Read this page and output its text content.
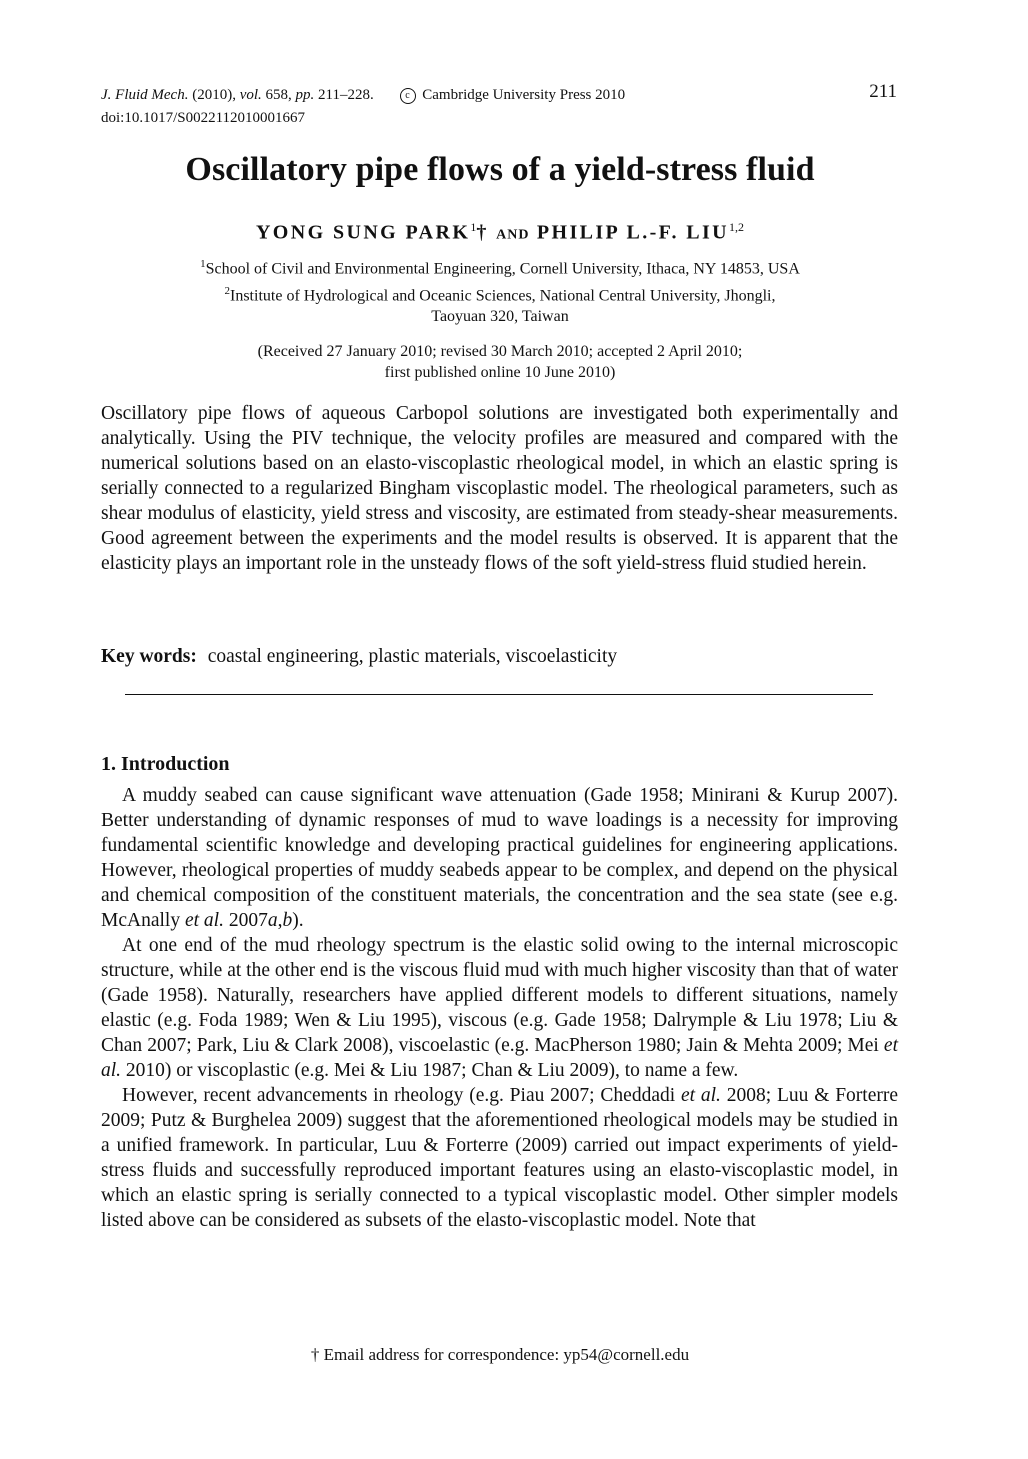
J. Fluid Mech. (2010), vol. 658, pp. 211–228.	c Cambridge University Press 2010
doi:10.1017/S0022112010001667
211
Oscillatory pipe flows of a yield-stress fluid
YONG SUNG PARK$^1$† AND PHILIP L.-F. LIU$^{1,2}$
$^1$School of Civil and Environmental Engineering, Cornell University, Ithaca, NY 14853, USA
$^2$Institute of Hydrological and Oceanic Sciences, National Central University, Jhongli,
Taoyuan 320, Taiwan
(Received 27 January 2010; revised 30 March 2010; accepted 2 April 2010;
first published online 10 June 2010)
Oscillatory pipe flows of aqueous Carbopol solutions are investigated both experimentally and analytically. Using the PIV technique, the velocity profiles are measured and compared with the numerical solutions based on an elasto-viscoplastic rheological model, in which an elastic spring is serially connected to a regularized Bingham viscoplastic model. The rheological parameters, such as shear modulus of elasticity, yield stress and viscosity, are estimated from steady-shear measurements. Good agreement between the experiments and the model results is observed. It is apparent that the elasticity plays an important role in the unsteady flows of the soft yield-stress fluid studied herein.
Key words: coastal engineering, plastic materials, viscoelasticity
1. Introduction

A muddy seabed can cause significant wave attenuation (Gade 1958; Minirani & Kurup 2007). Better understanding of dynamic responses of mud to wave loadings is a necessity for improving fundamental scientific knowledge and developing practical guidelines for engineering applications. However, rheological properties of muddy seabeds appear to be complex, and depend on the physical and chemical composition of the constituent materials, the concentration and the sea state (see e.g. McAnally et al. 2007a,b).

At one end of the mud rheology spectrum is the elastic solid owing to the internal microscopic structure, while at the other end is the viscous fluid mud with much higher viscosity than that of water (Gade 1958). Naturally, researchers have applied different models to different situations, namely elastic (e.g. Foda 1989; Wen & Liu 1995), viscous (e.g. Gade 1958; Dalrymple & Liu 1978; Liu & Chan 2007; Park, Liu & Clark 2008), viscoelastic (e.g. MacPherson 1980; Jain & Mehta 2009; Mei et al. 2010) or viscoplastic (e.g. Mei & Liu 1987; Chan & Liu 2009), to name a few.

However, recent advancements in rheology (e.g. Piau 2007; Cheddadi et al. 2008; Luu & Forterre 2009; Putz & Burghelea 2009) suggest that the aforementioned rheological models may be studied in a unified framework. In particular, Luu & Forterre (2009) carried out impact experiments of yield-stress fluids and successfully reproduced important features using an elasto-viscoplastic model, in which an elastic spring is serially connected to a typical viscoplastic model. Other simpler models listed above can be considered as subsets of the elasto-viscoplastic model. Note that

† Email address for correspondence: yp54@cornell.edu
